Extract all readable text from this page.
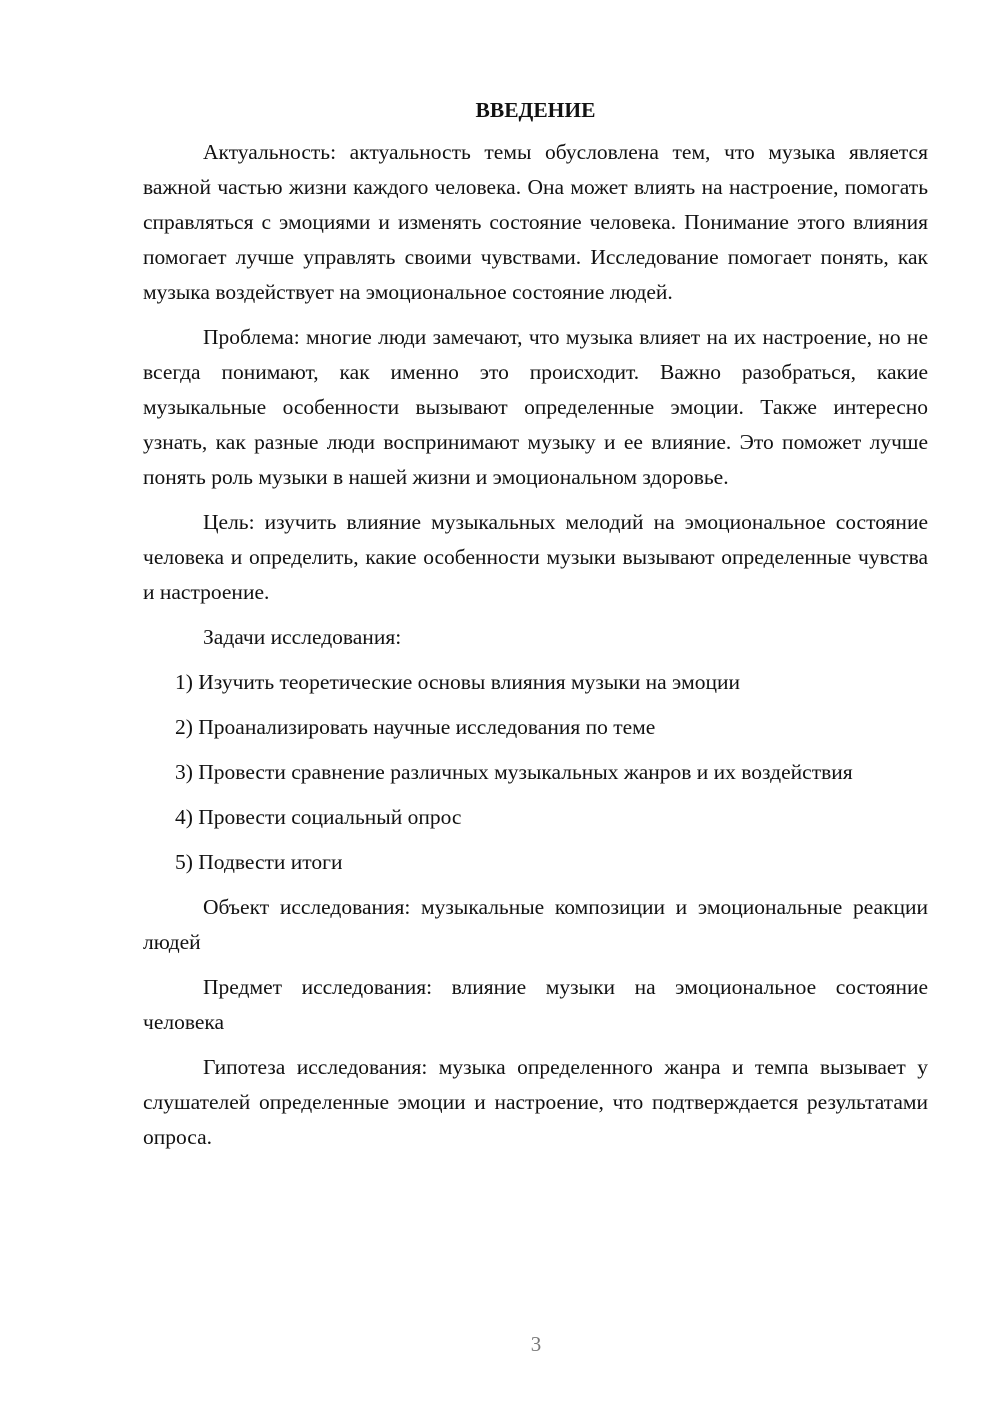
ВВЕДЕНИЕ

Актуальность: актуальность темы обусловлена тем, что музыка является важной частью жизни каждого человека. Она может влиять на настроение, помогать справляться с эмоциями и изменять состояние человека. Понимание этого влияния помогает лучше управлять своими чувствами. Исследование помогает понять, как музыка воздействует на эмоциональное состояние людей.

Проблема: многие люди замечают, что музыка влияет на их настроение, но не всегда понимают, как именно это происходит. Важно разобраться, какие музыкальные особенности вызывают определенные эмоции. Также интересно узнать, как разные люди воспринимают музыку и ее влияние. Это поможет лучше понять роль музыки в нашей жизни и эмоциональном здоровье.

Цель: изучить влияние музыкальных мелодий на эмоциональное состояние человека и определить, какие особенности музыки вызывают определенные чувства и настроение.

Задачи исследования:

1) Изучить теоретические основы влияния музыки на эмоции

2) Проанализировать научные исследования по теме

3) Провести сравнение различных музыкальных жанров и их воздействия

4) Провести социальный опрос

5) Подвести итоги

Объект исследования: музыкальные композиции и эмоциональные реакции людей

Предмет исследования: влияние музыки на эмоциональное состояние человека

Гипотеза исследования: музыка определенного жанра и темпа вызывает у слушателей определенные эмоции и настроение, что подтверждается результатами опроса.

3
